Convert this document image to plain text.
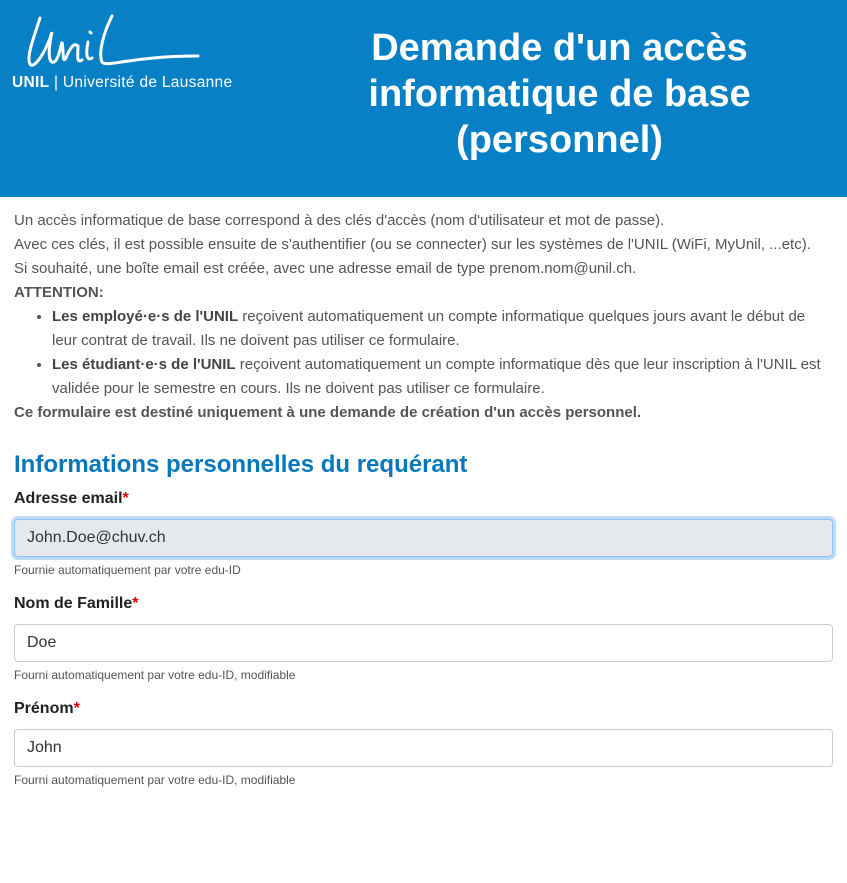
UNIL | Université de Lausanne
Demande d'un accès informatique de base (personnel)

Un accès informatique de base correspond à des clés d'accès (nom d'utilisateur et mot de passe).

Avec ces clés, il est possible ensuite de s'authentifier (ou se connecter) sur les systèmes de l'UNIL (WiFi, MyUnil, ...etc).

Si souhaité, une boîte email est créée, avec une adresse email de type prenom.nom@unil.ch.

ATTENTION:

• Les employé·e·s de l'UNIL reçoivent automatiquement un compte informatique quelques jours avant le début de leur contrat de travail. Ils ne doivent pas utiliser ce formulaire.
• Les étudiant·e·s de l'UNIL reçoivent automatiquement un compte informatique dès que leur inscription à l'UNIL est validée pour le semestre en cours. Ils ne doivent pas utiliser ce formulaire.

Ce formulaire est destiné uniquement à une demande de création d'un accès personnel.

Informations personnelles du requérant
Adresse email*
John.Doe@chuv.ch
Fournie automatiquement par votre edu-ID
Nom de Famille*
Doe
Fourni automatiquement par votre edu-ID, modifiable
Prénom*
John
Fourni automatiquement par votre edu-ID, modifiable
